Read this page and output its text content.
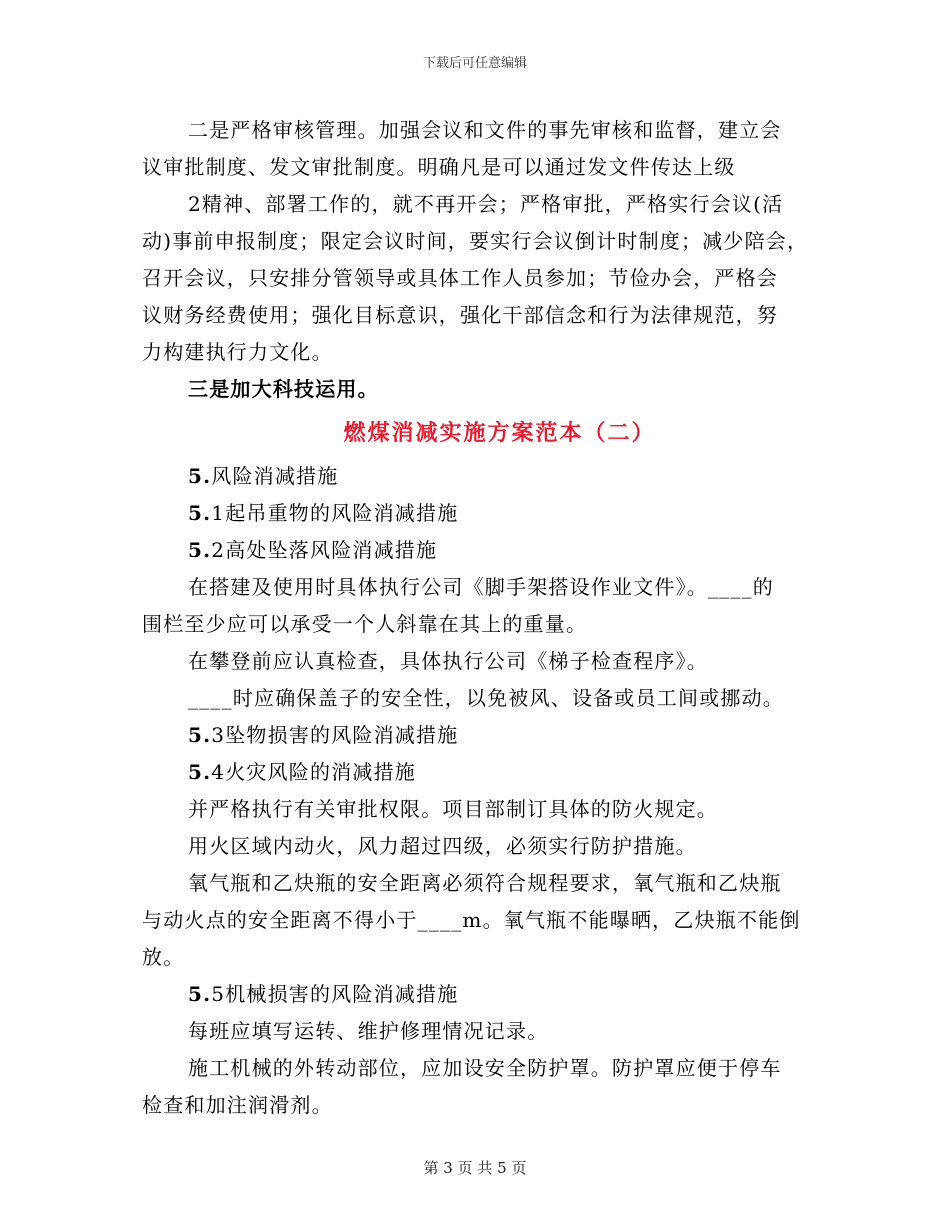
下载后可任意编辑
二是严格审核管理。加强会议和文件的事先审核和监督，建立会
议审批制度、发文审批制度。明确凡是可以通过发文件传达上级
2精神、部署工作的，就不再开会；严格审批，严格实行会议(活
动)事前申报制度；限定会议时间，要实行会议倒计时制度；减少陪会，
召开会议，只安排分管领导或具体工作人员参加；节俭办会，严格会
议财务经费使用；强化目标意识，强化干部信念和行为法律规范，努
力构建执行力文化。
三是加大科技运用。
燃煤消减实施方案范本（二）
5.风险消减措施
5.1起吊重物的风险消减措施
5.2高处坠落风险消减措施
在搭建及使用时具体执行公司《脚手架搭设作业文件》。____的
围栏至少应可以承受一个人斜靠在其上的重量。
在攀登前应认真检查，具体执行公司《梯子检查程序》。
____时应确保盖子的安全性，以免被风、设备或员工间或挪动。
5.3坠物损害的风险消减措施
5.4火灾风险的消减措施
并严格执行有关审批权限。项目部制订具体的防火规定。
用火区域内动火，风力超过四级，必须实行防护措施。
氧气瓶和乙炔瓶的安全距离必须符合规程要求，氧气瓶和乙炔瓶
与动火点的安全距离不得小于____m。氧气瓶不能曝晒，乙炔瓶不能倒
放。
5.5机械损害的风险消减措施
每班应填写运转、维护修理情况记录。
施工机械的外转动部位，应加设安全防护罩。防护罩应便于停车
检查和加注润滑剂。
第 3 页 共 5 页
